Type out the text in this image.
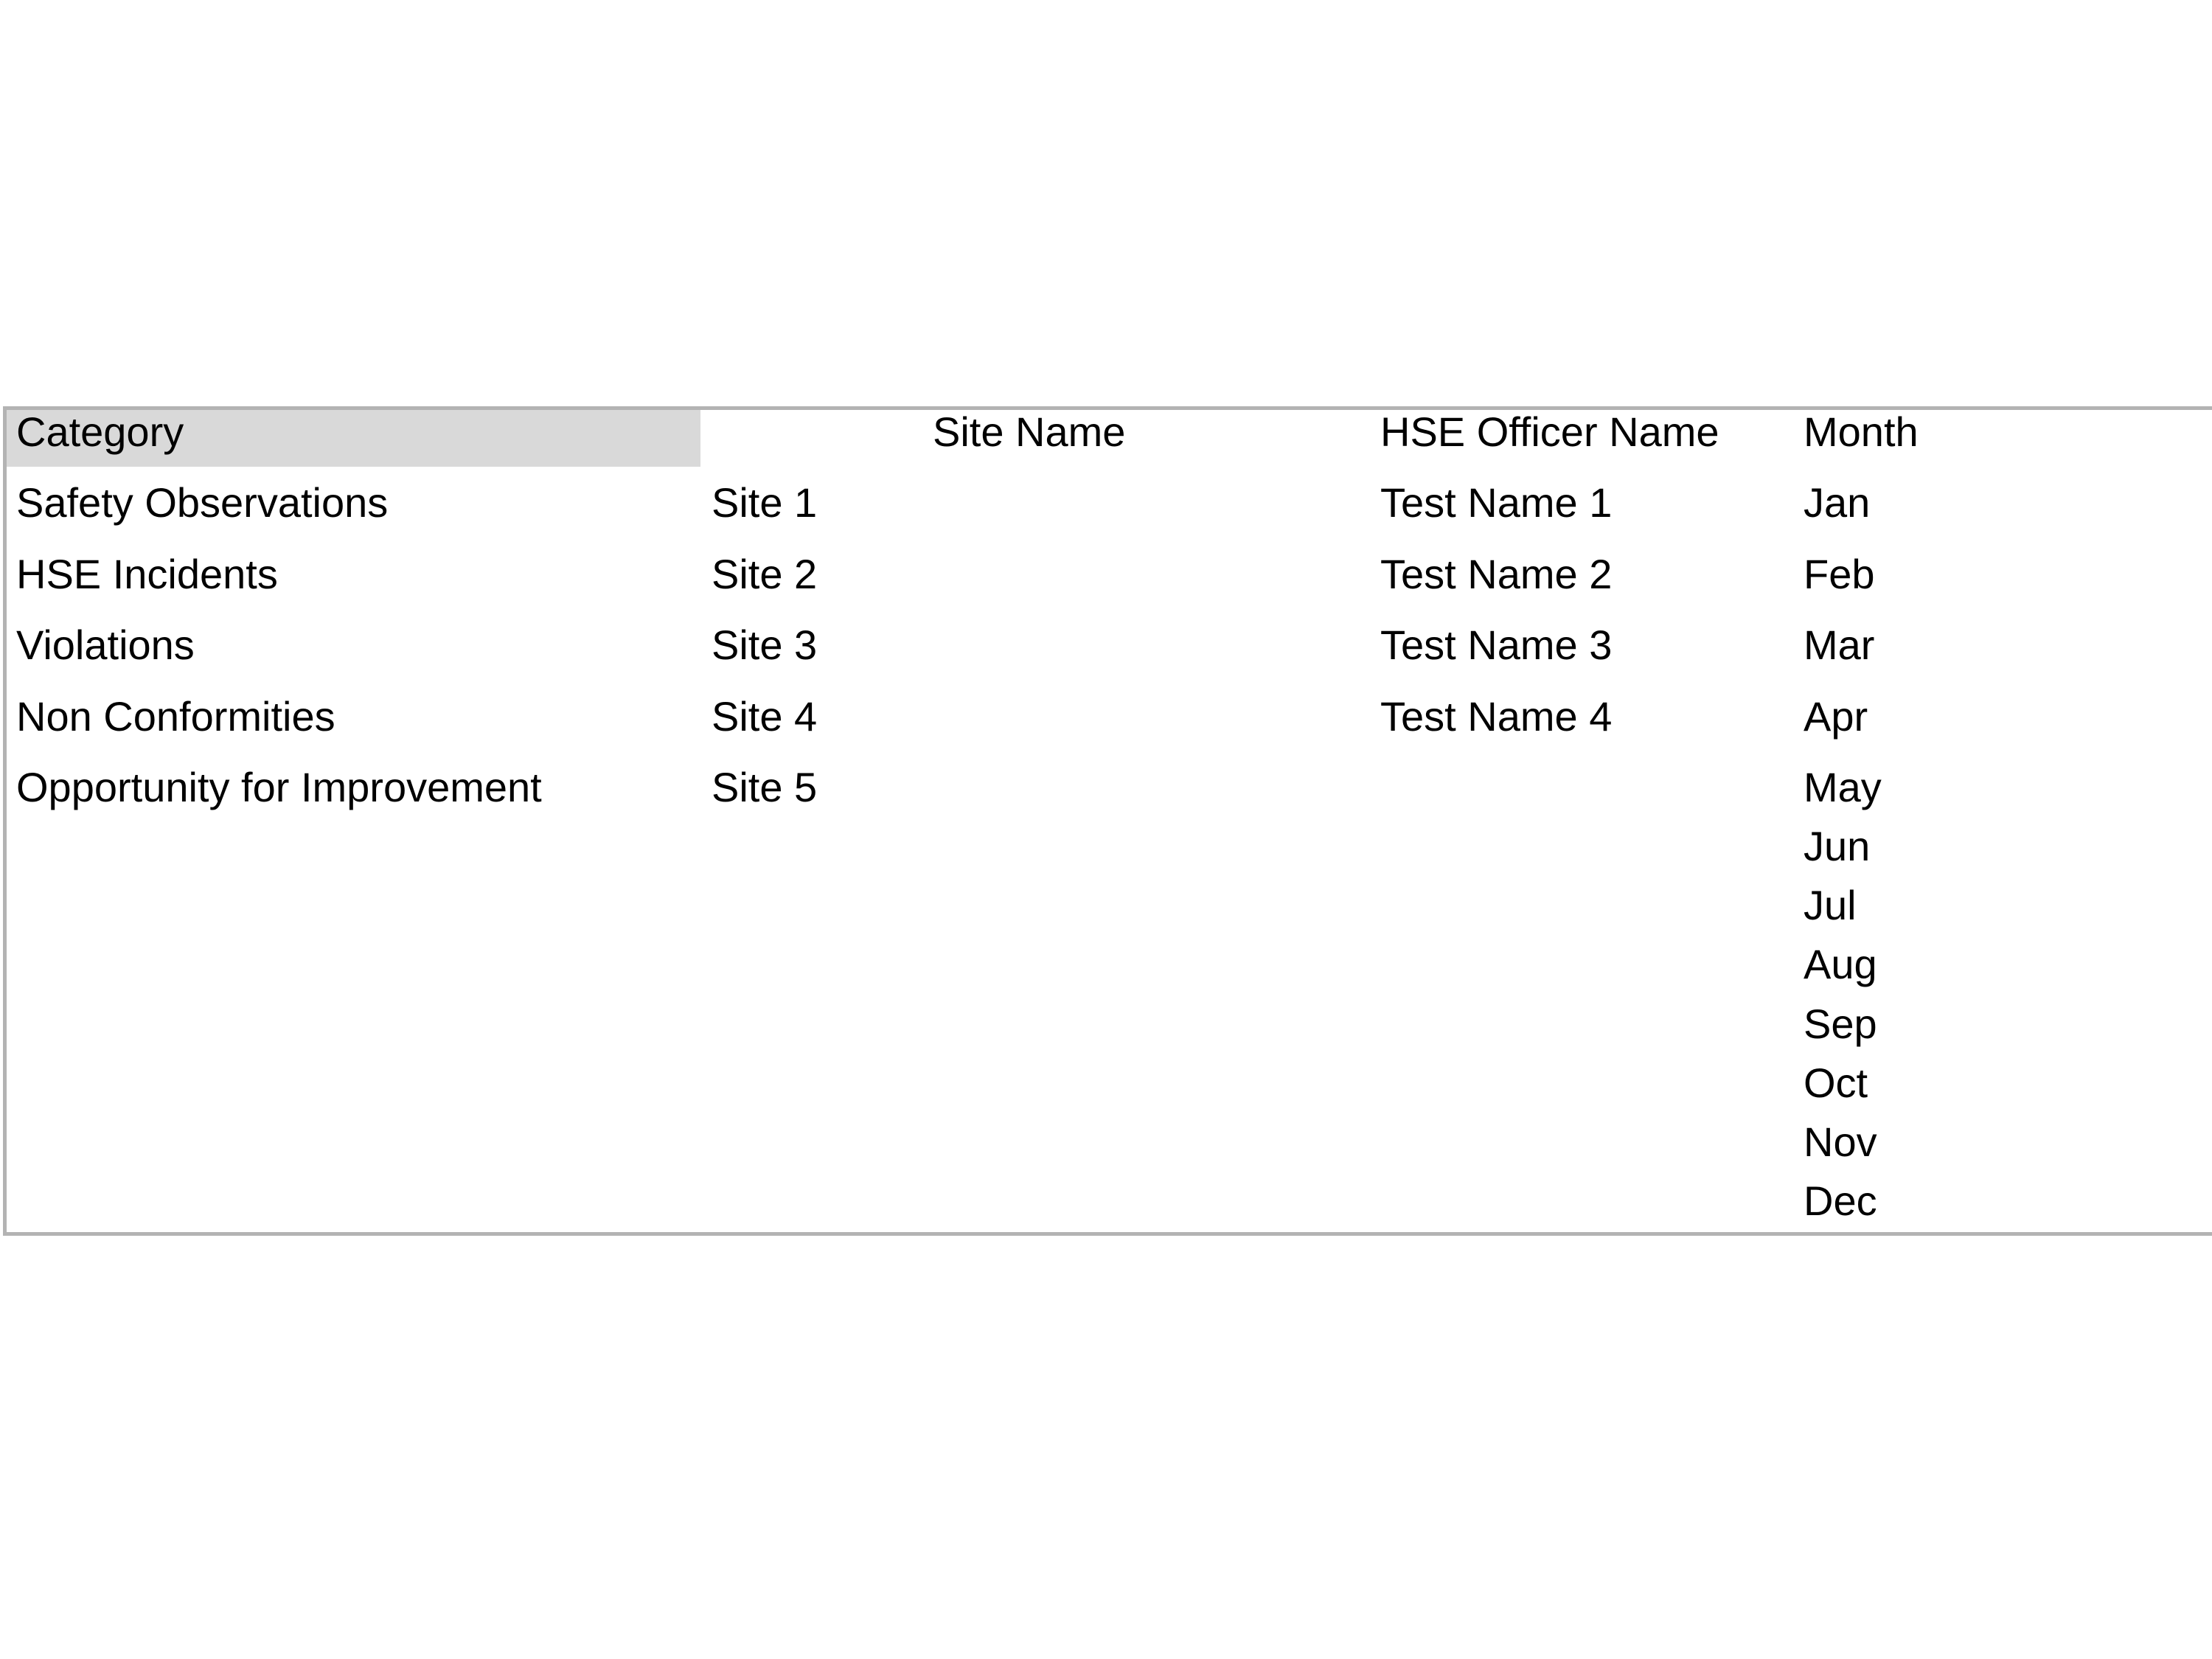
Category	Site Name	HSE Officer Name Month
Safety Observations
HSE Incidents
Violations
Non Conformities
Opportunity for Improvement
Site 1
Site 2
Site 3
Site 4
Site 5
Test Name 1
Test Name 2
Test Name 3
Test Name 4
Jan
Feb
Mar
Apr
May
Jun
Jul
Aug
Sep
Oct
Nov
Dec
